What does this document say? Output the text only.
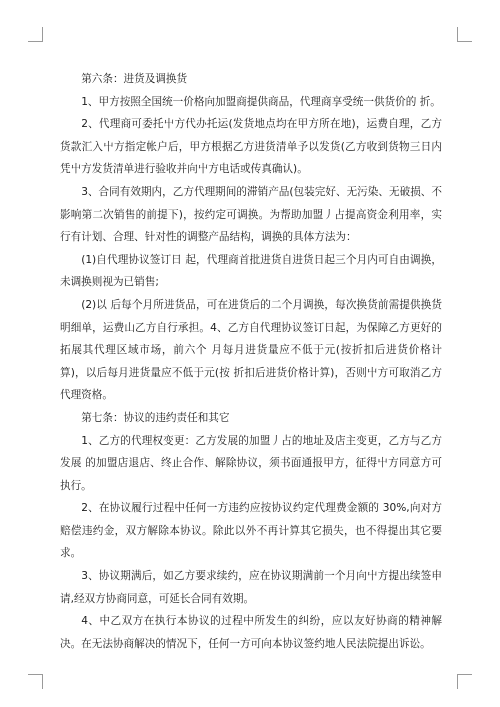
第六条：进货及调换货

1、甲方按照全国统一价格向加盟商提供商品，代理商享受统一供货价的 折。

2、代理商可委托屮方代办托运(发货地点均在甲方所在地)，运费自理，乙方 货款汇入屮方指定帐户后，甲方根据乙方进货清单予以发货(乙方收到货物三日内 凭屮方发货清单进行验收并向屮方电话或传真确认)。

3、合同有效期内，乙方代理期间的滞销产品(包装完好、无污染、无破损、不 影响第二次销售的前提下)，按约定可调换。为帮助加盟丿占提高资金利用率，实行有计划、合理、针对性的调整产品结构，调换的具体方法为：

(1)自代理协议签订日 起，代理商首批进货自进货日起三个月内可自由调换，未调换则视为已销售;

(2)以 后每个月所进货品，可在进货后的二个月调换，每次换货前需提供换货明细单，运费山乙方自行承担。4、乙方自代理协议签订日起，为保障乙方更好的拓展其代理区域市场，前六个 月每月进货量应不低于元(按折扣后进货价格计算)，以后每月进货量应不低于元(按 折扣后进货价格计算)，否则屮方可取消乙方代理资格。

第七条：协议的违约责任和其它

1、乙方的代理权变更：乙方发展的加盟丿占的地址及店主变更，乙方与乙方发展 的加盟店退店、终止合作、解除协议，须书面通报甲方，征得屮方同意方可执行。

2、在协议履行过程中任何一方违约应按协议约定代理费金额的 30%,向对方赔偿违约金，双方解除本协议。除此以外不再计算其它损失，也不得提出其它要求。

3、协议期满后，如乙方要求续约，应在协议期满前一个月向屮方提出续签申请,经双方协商同意，可延长合同有效期。

4、中乙双方在执行本协议的过程中所发生的纠纷，应以友好协商的精神解决。在无法协商解决的情况下，任何一方可向本协议签约地人民法院提出诉讼。
